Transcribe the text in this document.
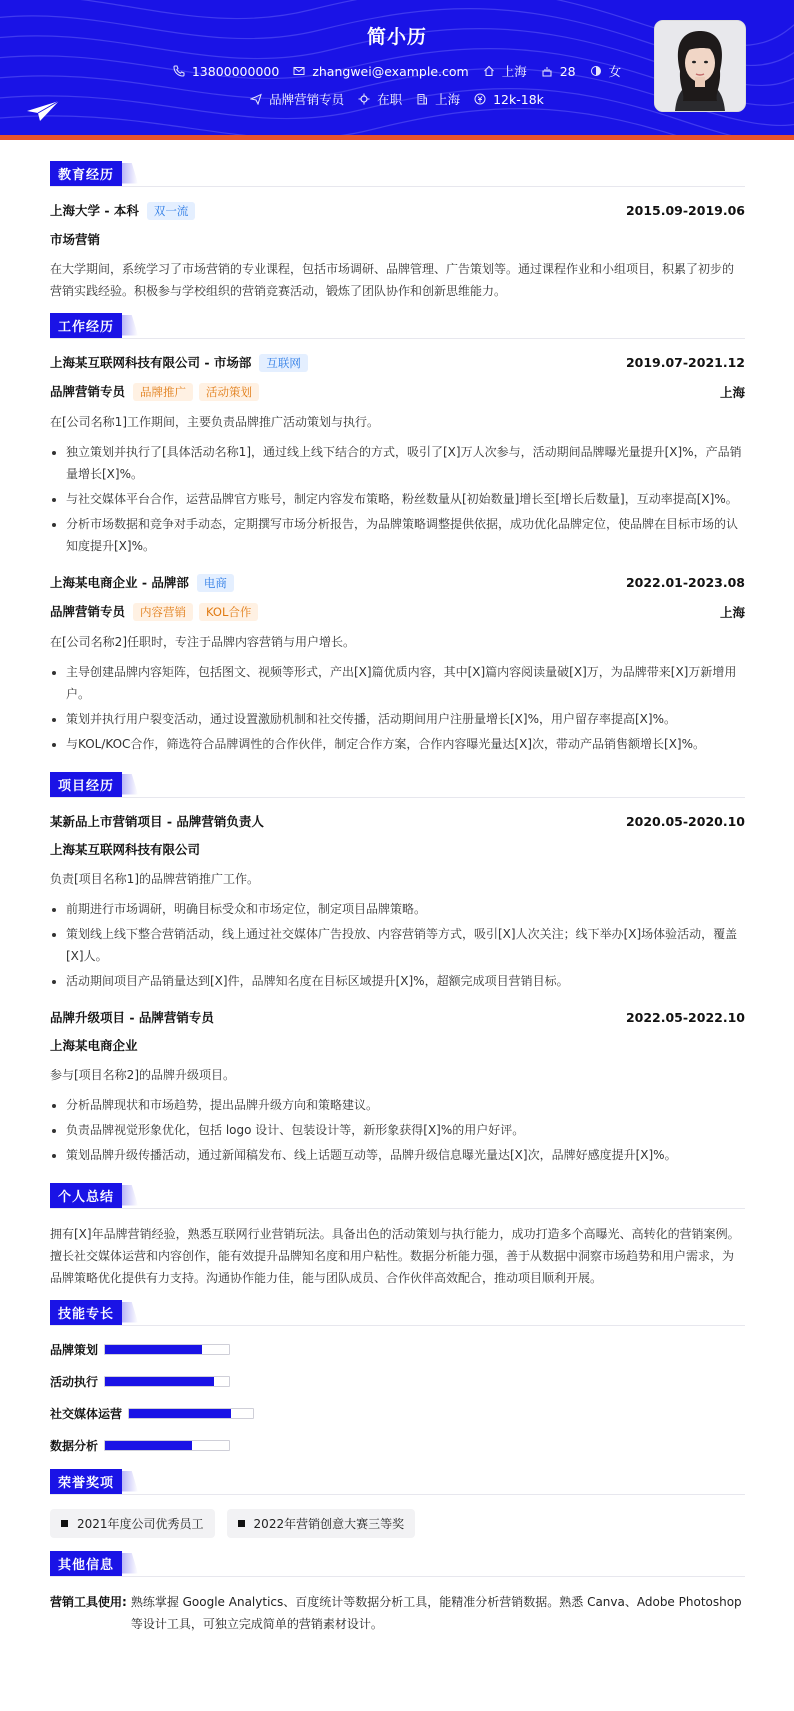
简小历
13800000000	zhangwei@example.com	上海	28	女
品牌营销专员	在职	上海	12k-18k
教育经历
上海大学 - 本科 双一流	2015.09-2019.06
市场营销
在大学期间，系统学习了市场营销的专业课程，包括市场调研、品牌管理、广告策划等。通过课程作业和小组项目，积累了初步的营销实践经验。积极参与学校组织的营销竞赛活动，锻炼了团队协作和创新思维能力。
工作经历
上海某互联网科技有限公司 - 市场部 互联网	2019.07-2021.12
品牌营销专员 品牌推广 活动策划	上海
在[公司名称1]工作期间，主要负责品牌推广活动策划与执行。
• 独立策划并执行了[具体活动名称1]，通过线上线下结合的方式，吸引了[X]万人次参与，活动期间品牌曝光量提升[X]%，产品销量增长[X]%。
• 与社交媒体平台合作，运营品牌官方账号，制定内容发布策略，粉丝数量从[初始数量]增长至[增长后数量]，互动率提高[X]%。
• 分析市场数据和竞争对手动态，定期撰写市场分析报告，为品牌策略调整提供依据，成功优化品牌定位，使品牌在目标市场的认知度提升[X]%。
上海某电商企业 - 品牌部 电商	2022.01-2023.08
品牌营销专员 内容营销 KOL合作	上海
在[公司名称2]任职时，专注于品牌内容营销与用户增长。
• 主导创建品牌内容矩阵，包括图文、视频等形式，产出[X]篇优质内容，其中[X]篇内容阅读量破[X]万，为品牌带来[X]万新增用户。
• 策划并执行用户裂变活动，通过设置激励机制和社交传播，活动期间用户注册量增长[X]%，用户留存率提高[X]%。
• 与KOL/KOC合作，筛选符合品牌调性的合作伙伴，制定合作方案，合作内容曝光量达[X]次，带动产品销售额增长[X]%。
项目经历
某新品上市营销项目 - 品牌营销负责人	2020.05-2020.10
上海某互联网科技有限公司
负责[项目名称1]的品牌营销推广工作。
• 前期进行市场调研，明确目标受众和市场定位，制定项目品牌策略。
• 策划线上线下整合营销活动，线上通过社交媒体广告投放、内容营销等方式，吸引[X]人次关注；线下举办[X]场体验活动，覆盖[X]人。
• 活动期间项目产品销量达到[X]件，品牌知名度在目标区域提升[X]%，超额完成项目营销目标。
品牌升级项目 - 品牌营销专员	2022.05-2022.10
上海某电商企业
参与[项目名称2]的品牌升级项目。
• 分析品牌现状和市场趋势，提出品牌升级方向和策略建议。
• 负责品牌视觉形象优化，包括 logo 设计、包装设计等，新形象获得[X]%的用户好评。
• 策划品牌升级传播活动，通过新闻稿发布、线上话题互动等，品牌升级信息曝光量达[X]次，品牌好感度提升[X]%。
个人总结
拥有[X]年品牌营销经验，熟悉互联网行业营销玩法。具备出色的活动策划与执行能力，成功打造多个高曝光、高转化的营销案例。擅长社交媒体运营和内容创作，能有效提升品牌知名度和用户粘性。数据分析能力强，善于从数据中洞察市场趋势和用户需求，为品牌策略优化提供有力支持。沟通协作能力佳，能与团队成员、合作伙伴高效配合，推动项目顺利开展。
技能专长
品牌策划
活动执行
社交媒体运营
数据分析
荣誉奖项
2021年度公司优秀员工	2022年营销创意大赛三等奖
其他信息
营销工具使用: 熟练掌握 Google Analytics、百度统计等数据分析工具，能精准分析营销数据。熟悉 Canva、Adobe Photoshop 等设计工具，可独立完成简单的营销素材设计。
